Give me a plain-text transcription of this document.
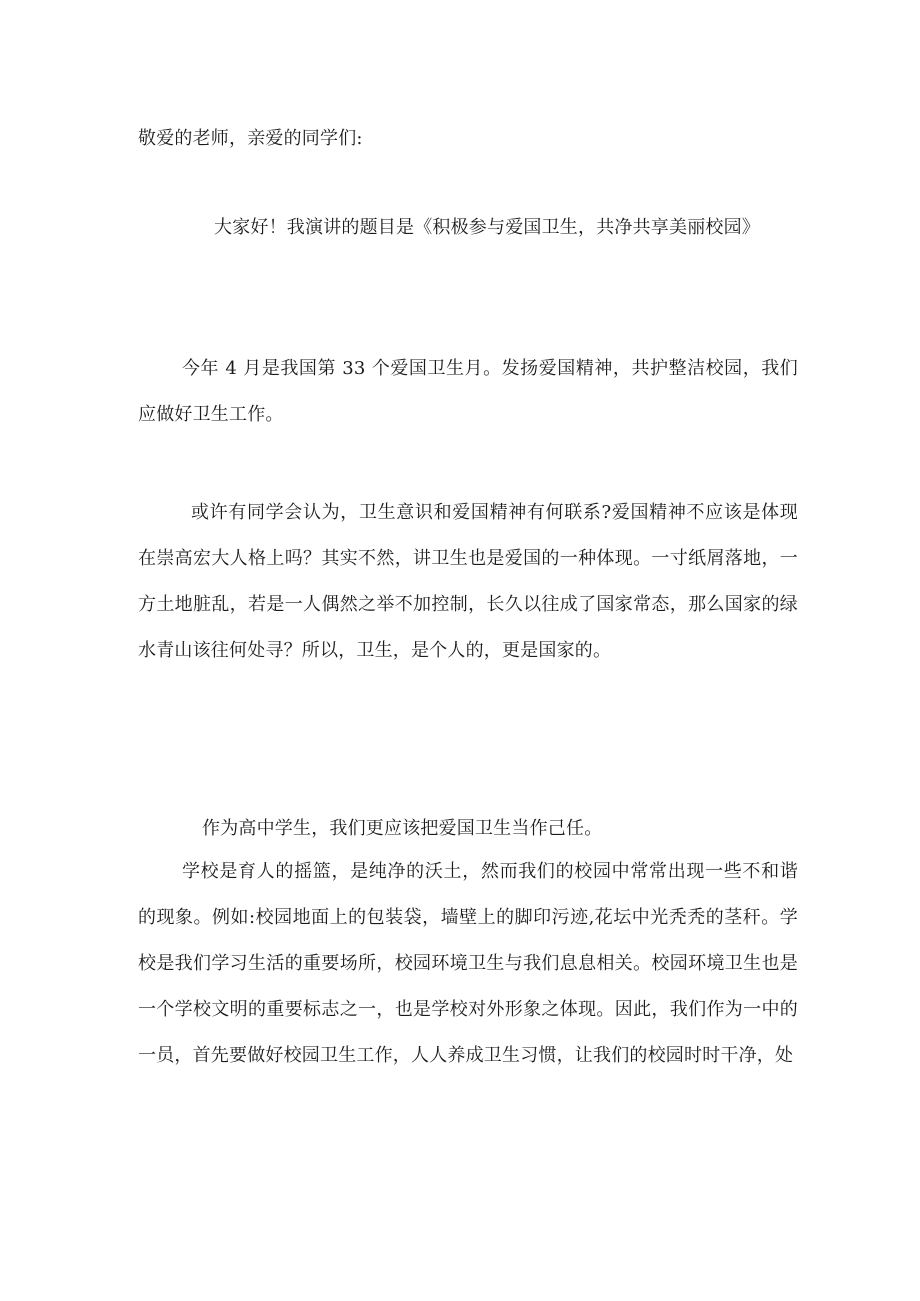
敬爱的老师，亲爱的同学们:

大家好！我演讲的题目是《积极参与爱国卫生，共净共享美丽校园》

今年 4 月是我国第 33 个爱国卫生月。发扬爱国精神，共护整洁校园，我们应做好卫生工作。

或许有同学会认为，卫生意识和爱国精神有何联系?爱国精神不应该是体现在崇高宏大人格上吗？其实不然，讲卫生也是爱国的一种体现。一寸纸屑落地，一方土地脏乱，若是一人偶然之举不加控制，长久以往成了国家常态，那么国家的绿水青山该往何处寻？所以，卫生，是个人的，更是国家的。

作为高中学生，我们更应该把爱国卫生当作己任。

学校是育人的摇篮，是纯净的沃土，然而我们的校园中常常出现一些不和谐的现象。例如:校园地面上的包装袋，墙壁上的脚印污迹,花坛中光秃秃的茎秆。学校是我们学习生活的重要场所，校园环境卫生与我们息息相关。校园环境卫生也是一个学校文明的重要标志之一，也是学校对外形象之体现。因此，我们作为一中的一员，首先要做好校园卫生工作，人人养成卫生习惯，让我们的校园时时干净，处
